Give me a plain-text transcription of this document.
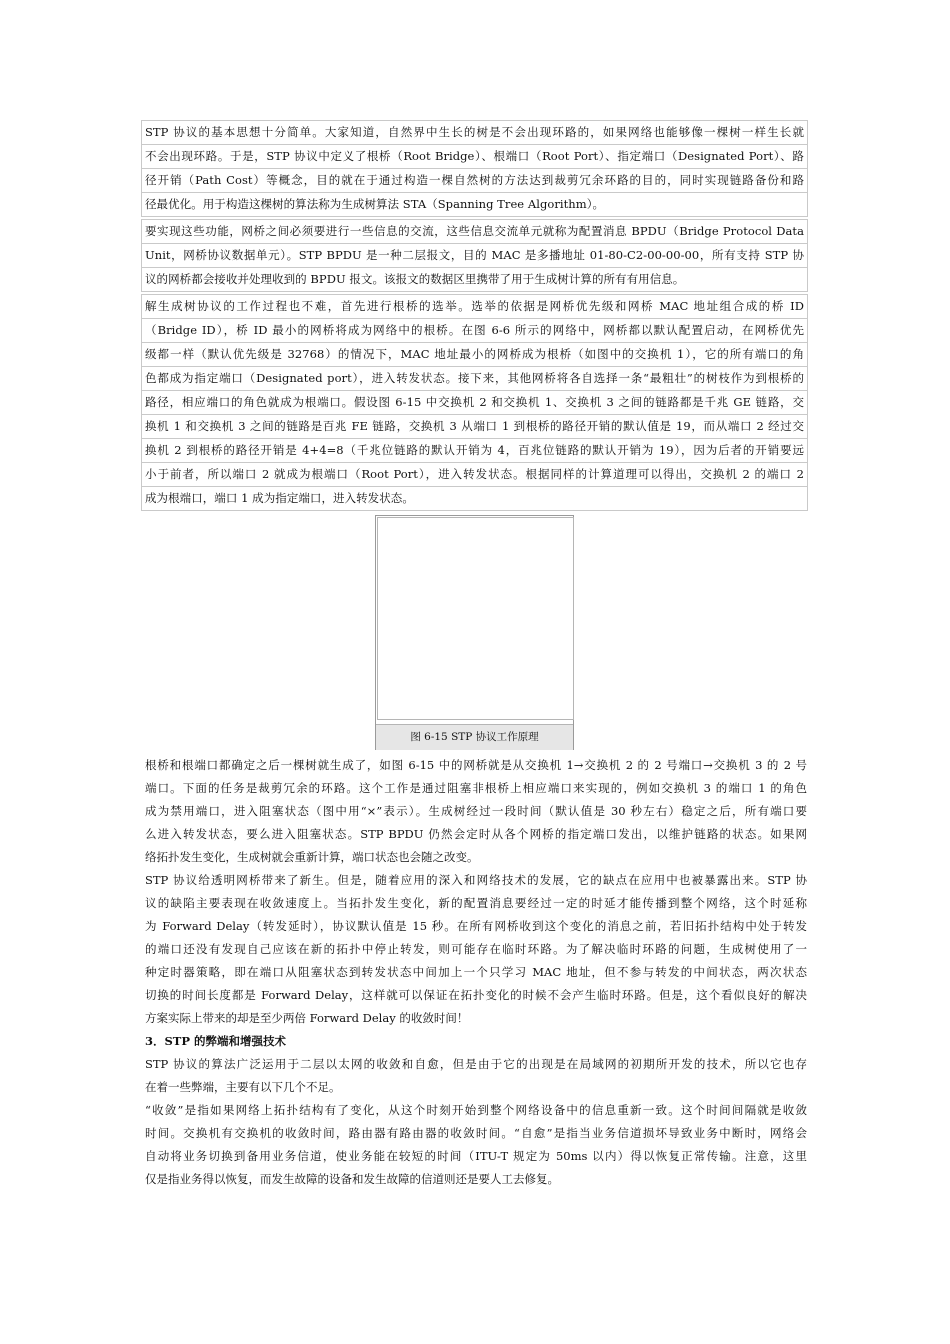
STP 协议的基本思想十分简单。大家知道，自然界中生长的树是不会出现环路的，如果网络也能够像一棵树一样生长就
不会出现环路。于是，STP 协议中定义了根桥（Root Bridge）、根端口（Root Port）、指定端口（Designated Port）、路
径开销（Path Cost）等概念，目的就在于通过构造一棵自然树的方法达到裁剪冗余环路的目的，同时实现链路备份和路
径最优化。用于构造这棵树的算法称为生成树算法 STA（Spanning Tree Algorithm）。
要实现这些功能，网桥之间必须要进行一些信息的交流，这些信息交流单元就称为配置消息 BPDU（Bridge Protocol Data
Unit，网桥协议数据单元）。STP BPDU 是一种二层报文，目的 MAC 是多播地址 01-80-C2-00-00-00，所有支持 STP 协
议的网桥都会接收并处理收到的 BPDU 报文。该报文的数据区里携带了用于生成树计算的所有有用信息。
解生成树协议的工作过程也不难，首先进行根桥的选举。选举的依据是网桥优先级和网桥 MAC 地址组合成的桥 ID
（Bridge ID），桥 ID 最小的网桥将成为网络中的根桥。在图 6-6 所示的网络中，网桥都以默认配置启动，在网桥优先
级都一样（默认优先级是 32768）的情况下，MAC 地址最小的网桥成为根桥（如图中的交换机 1），它的所有端口的角
色都成为指定端口（Designated port），进入转发状态。接下来，其他网桥将各自选择一条“最粗壮”的树枝作为到根桥的
路径，相应端口的角色就成为根端口。假设图 6-15 中交换机 2 和交换机 1、交换机 3 之间的链路都是千兆 GE 链路，交
换机 1 和交换机 3 之间的链路是百兆 FE 链路，交换机 3 从端口 1 到根桥的路径开销的默认值是 19，而从端口 2 经过交
换机 2 到根桥的路径开销是 4+4=8（千兆位链路的默认开销为 4，百兆位链路的默认开销为 19），因为后者的开销要远
小于前者，所以端口 2 就成为根端口（Root Port），进入转发状态。根据同样的计算道理可以得出，交换机 2 的端口 2
成为根端口，端口 1 成为指定端口，进入转发状态。
图 6-15 STP 协议工作原理
根桥和根端口都确定之后一棵树就生成了，如图 6-15 中的网桥就是从交换机 1→交换机 2 的 2 号端口→交换机 3 的 2 号
端口。下面的任务是裁剪冗余的环路。这个工作是通过阻塞非根桥上相应端口来实现的，例如交换机 3 的端口 1 的角色
成为禁用端口，进入阻塞状态（图中用“×”表示）。生成树经过一段时间（默认值是 30 秒左右）稳定之后，所有端口要
么进入转发状态，要么进入阻塞状态。STP BPDU 仍然会定时从各个网桥的指定端口发出，以维护链路的状态。如果网
络拓扑发生变化，生成树就会重新计算，端口状态也会随之改变。
STP 协议给透明网桥带来了新生。但是，随着应用的深入和网络技术的发展，它的缺点在应用中也被暴露出来。STP 协
议的缺陷主要表现在收敛速度上。当拓扑发生变化，新的配置消息要经过一定的时延才能传播到整个网络，这个时延称
为 Forward Delay（转发延时），协议默认值是 15 秒。在所有网桥收到这个变化的消息之前，若旧拓扑结构中处于转发
的端口还没有发现自己应该在新的拓扑中停止转发，则可能存在临时环路。为了解决临时环路的问题，生成树使用了一
种定时器策略，即在端口从阻塞状态到转发状态中间加上一个只学习 MAC 地址，但不参与转发的中间状态，两次状态
切换的时间长度都是 Forward Delay，这样就可以保证在拓扑变化的时候不会产生临时环路。但是，这个看似良好的解决
方案实际上带来的却是至少两倍 Forward Delay 的收敛时间！
3．STP 的弊端和增强技术
STP 协议的算法广泛运用于二层以太网的收敛和自愈，但是由于它的出现是在局域网的初期所开发的技术，所以它也存
在着一些弊端，主要有以下几个不足。
“收敛”是指如果网络上拓扑结构有了变化，从这个时刻开始到整个网络设备中的信息重新一致。这个时间间隔就是收敛
时间。交换机有交换机的收敛时间，路由器有路由器的收敛时间。“自愈”是指当业务信道损坏导致业务中断时，网络会
自动将业务切换到备用业务信道，使业务能在较短的时间（ITU-T 规定为 50ms 以内）得以恢复正常传输。注意，这里
仅是指业务得以恢复，而发生故障的设备和发生故障的信道则还是要人工去修复。
